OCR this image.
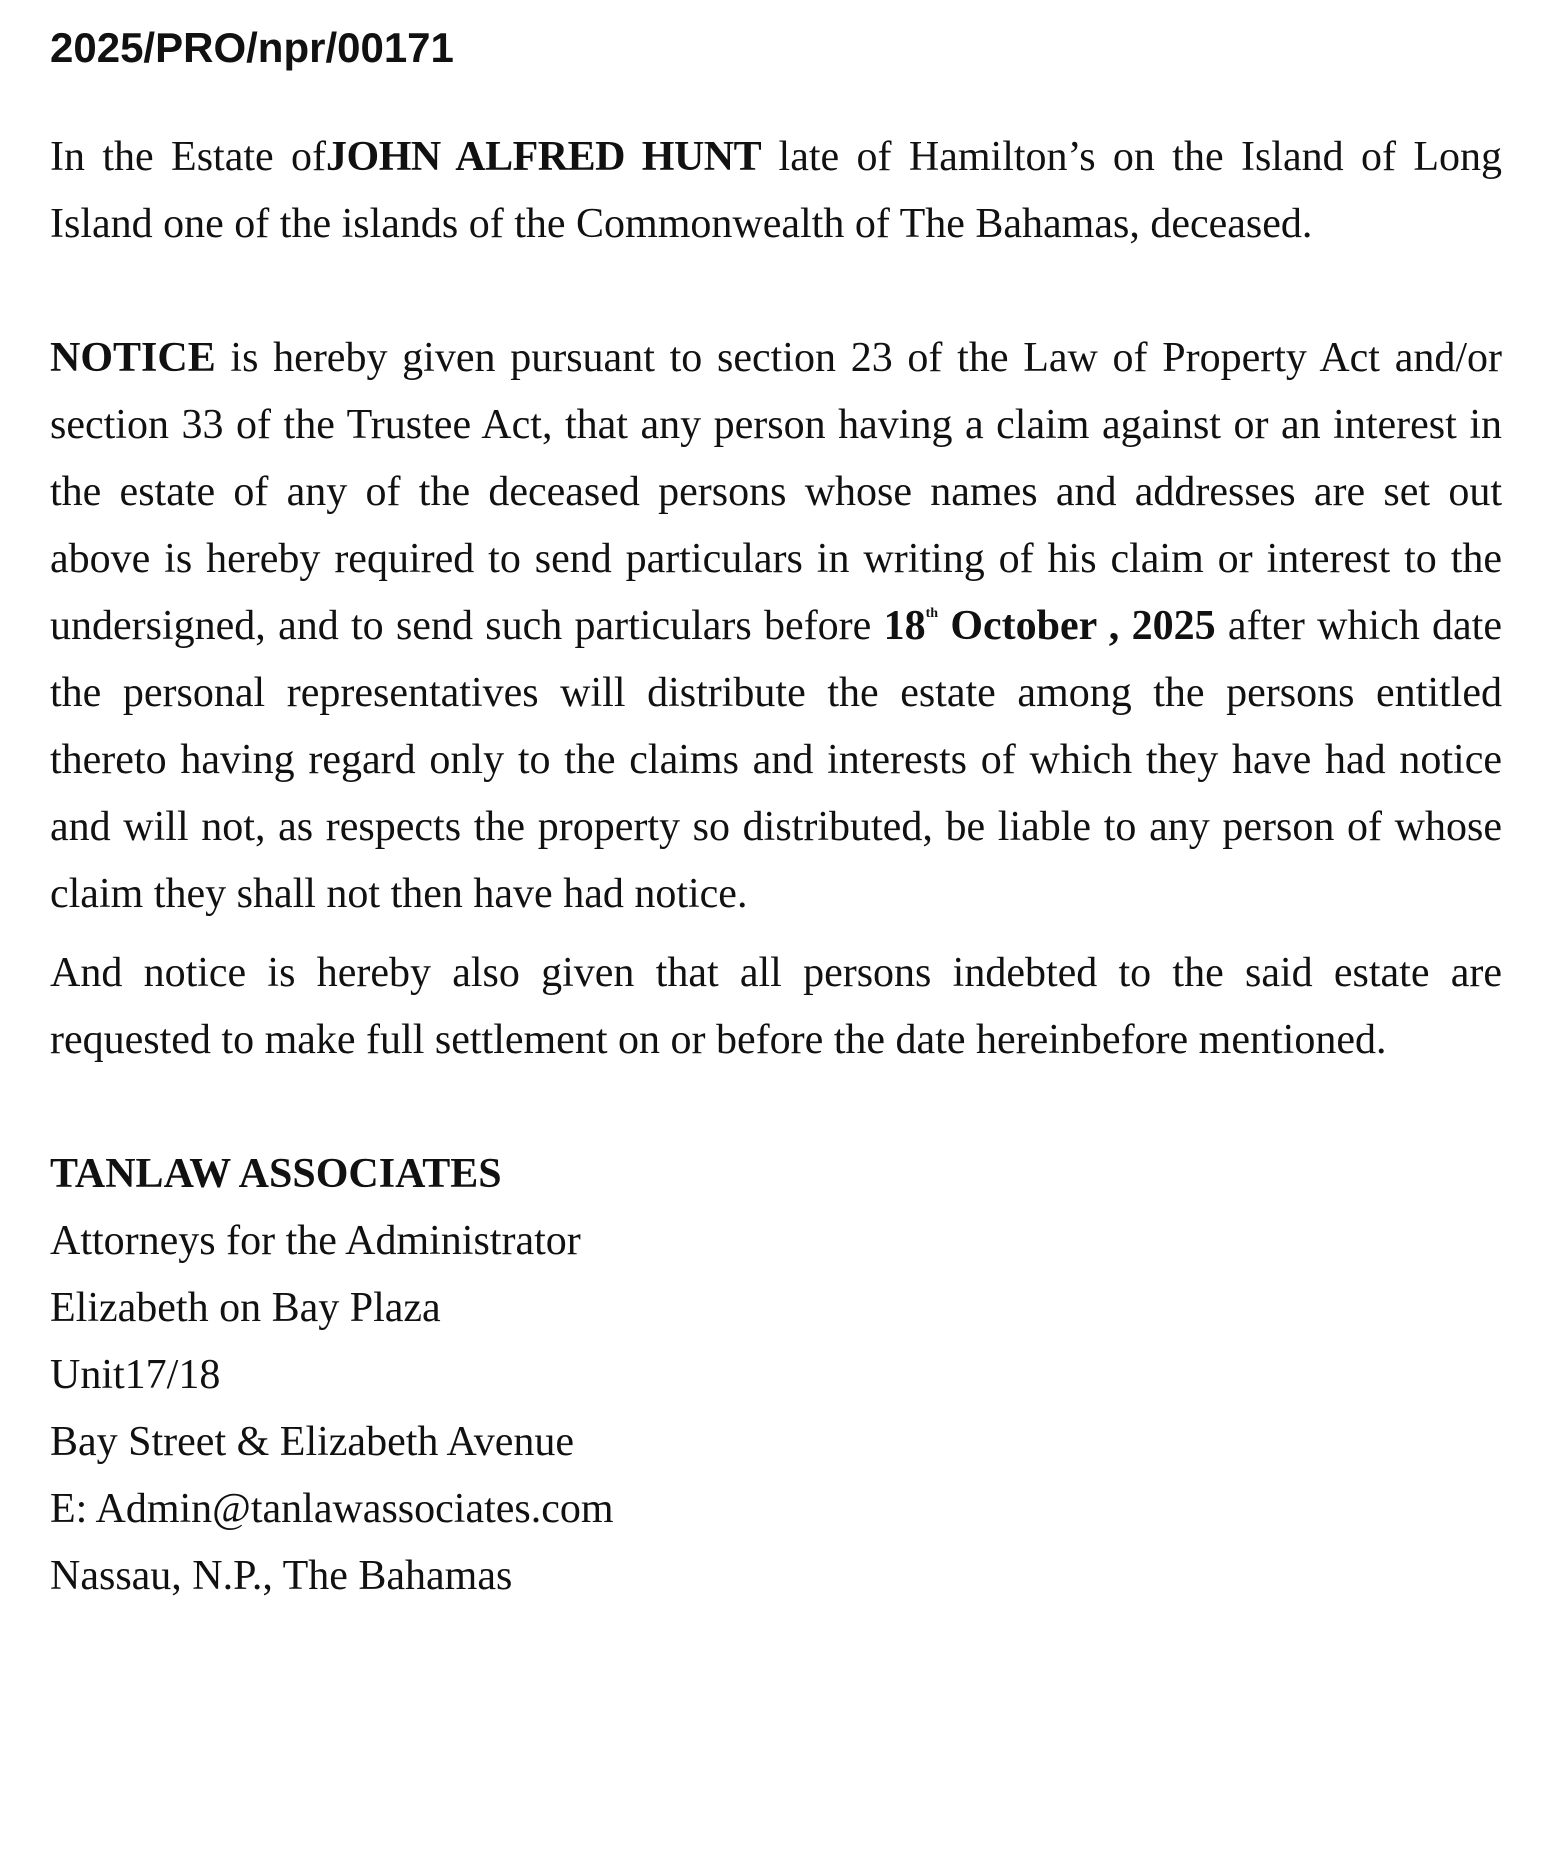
2025/PRO/npr/00171

In the Estate ofJOHN ALFRED HUNT late of Hamilton’s on the Island of Long Island one of the islands of the Commonwealth of The Bahamas, deceased.

NOTICE is hereby given pursuant to section 23 of the Law of Property Act and/or section 33 of the Trustee Act, that any person having a claim against or an interest in the estate of any of the deceased persons whose names and addresses are set out above is hereby required to send particulars in writing of his claim or interest to the undersigned, and to send such particulars before 18th October , 2025 after which date the personal representatives will distribute the estate among the persons entitled thereto having regard only to the claims and interests of which they have had notice and will not, as respects the property so distributed, be liable to any person of whose claim they shall not then have had notice.

And notice is hereby also given that all persons indebted to the said estate are requested to make full settlement on or before the date hereinbefore mentioned.

TANLAW ASSOCIATES

Attorneys for the Administrator

Elizabeth on Bay Plaza

Unit17/18

Bay Street & Elizabeth Avenue

E: Admin@tanlawassociates.com

Nassau, N.P., The Bahamas
